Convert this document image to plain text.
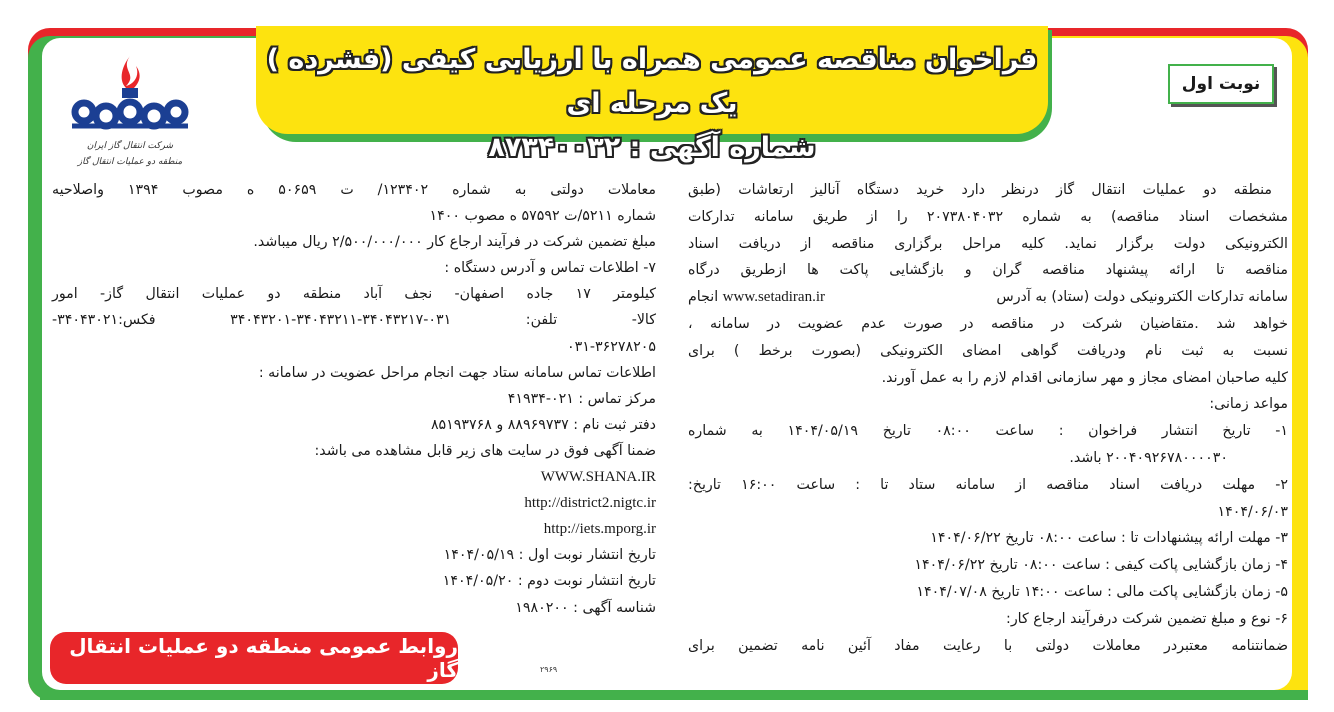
فراخوان مناقصه عمومی همراه با ارزیابی کیفی (فشرده ) یک مرحله ای
شماره آگهی : ۸۷۳۴۰۰۳۲
نوبت اول
شرکت انتقال گاز ایران
منطقه دو عملیات انتقال گاز
منطقه دو عملیات انتقال گاز درنظر دارد خرید دستگاه آنالیز ارتعاشات (طبق
مشخصات اسناد مناقصه) به شماره ۲۰۷۳۸۰۴۰۳۲ را از طریق سامانه تدارکات
الکترونیکی دولت برگزار نماید. کلیه مراحل برگزاری مناقصه از دریافت اسناد
مناقصه تا ارائه پیشنهاد مناقصه گران و بازگشایی پاکت ها ازطریق درگاه
سامانه تدارکات الکترونیکی دولت (ستاد) به آدرس
www.setadiran.ir انجام
خواهد شد .متقاضیان شرکت در مناقصه در صورت عدم عضویت در سامانه ،
نسبت به ثبت نام ودریافت گواهی امضای الکترونیکی (بصورت برخط ) برای
کلیه صاحبان امضای مجاز و مهر سازمانی اقدام لازم را به عمل آورند.
مواعد زمانی:
۱- تاریخ انتشار فراخوان : ساعت ۰۸:۰۰ تاریخ ۱۴۰۴/۰۵/۱۹ به شماره
۲۰۰۴۰۹۲۶۷۸۰۰۰۰۳۰ باشد.
۲- مهلت دریافت اسناد مناقصه از سامانه ستاد تا : ساعت ۱۶:۰۰ تاریخ:
۱۴۰۴/۰۶/۰۳
۳- مهلت ارائه پیشنهادات تا : ساعت ۰۸:۰۰ تاریخ ۱۴۰۴/۰۶/۲۲
۴- زمان بازگشایی پاکت کیفی : ساعت ۰۸:۰۰ تاریخ ۱۴۰۴/۰۶/۲۲
۵- زمان بازگشایی پاکت مالی : ساعت ۱۴:۰۰ تاریخ ۱۴۰۴/۰۷/۰۸
۶- نوع و مبلغ تضمین شرکت درفرآیند ارجاع کار:
ضمانتنامه معتبردر معاملات دولتی با رعایت مفاد آئین نامه تضمین برای
معاملات دولتی به شماره ۱۲۳۴۰۲/ ت ۵۰۶۵۹ ه مصوب ۱۳۹۴ واصلاحیه
شماره ۵۲۱۱/ت ۵۷۵۹۲ ه مصوب ۱۴۰۰
مبلغ تضمین شرکت در فرآیند ارجاع کار ۲/۵۰۰/۰۰۰/۰۰۰ ریال میباشد.
۷- اطلاعات تماس و آدرس دستگاه :
کیلومتر ۱۷ جاده اصفهان- نجف آباد منطقه دو عملیات انتقال گاز- امور
کالا- تلفن: ۰۳۱-۳۴۰۴۳۲۱۷-۳۴۰۴۳۲۱۱-۳۴۰۴۳۲۰۱ فکس:۳۴۰۴۳۰۲۱-
۰۳۱-۳۶۲۷۸۲۰۵
اطلاعات تماس سامانه ستاد جهت انجام مراحل عضویت در سامانه :
مرکز تماس : ۰۲۱-۴۱۹۳۴
دفتر ثبت نام : ۸۸۹۶۹۷۳۷ و ۸۵۱۹۳۷۶۸
ضمنا آگهی فوق در سایت های زیر قابل مشاهده می باشد:
WWW.SHANA.IR
http://district2.nigtc.ir
http://iets.mporg.ir
تاریخ انتشار نوبت اول : ۱۴۰۴/۰۵/۱۹
تاریخ انتشار نوبت دوم : ۱۴۰۴/۰۵/۲۰
شناسه آگهی : ۱۹۸۰۲۰۰
روابط عمومی منطقه دو عملیات انتقال گاز	۲۹۶۹
